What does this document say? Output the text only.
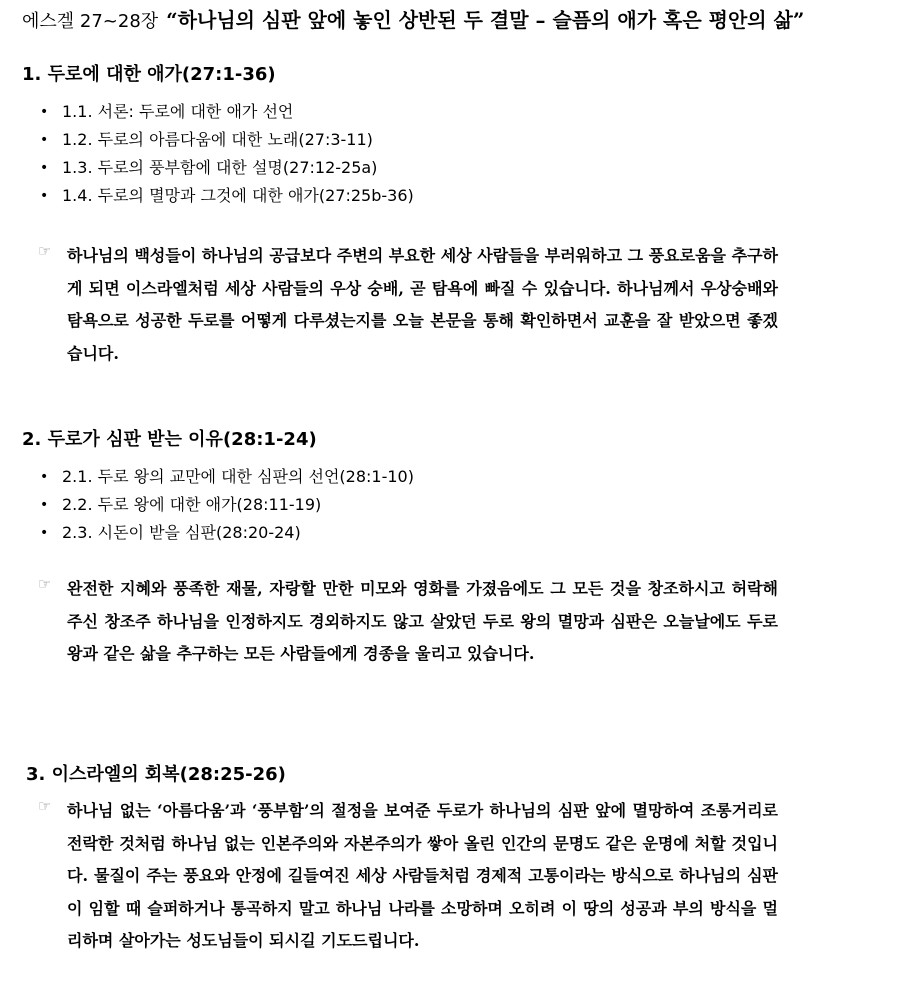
에스겔 27~28장 “하나님의 심판 앞에 놓인 상반된 두 결말 – 슬픔의 애가 혹은 평안의 삶”
1. 두로에 대한 애가(27:1-36)
• 1.1. 서론: 두로에 대한 애가 선언
• 1.2. 두로의 아름다움에 대한 노래(27:3-11)
• 1.3. 두로의 풍부함에 대한 설명(27:12-25a)
• 1.4. 두로의 멸망과 그것에 대한 애가(27:25b-36)
☞ 하나님의 백성들이 하나님의 공급보다 주변의 부요한 세상 사람들을 부러워하고 그 풍요로움을 추구하게 되면 이스라엘처럼 세상 사람들의 우상 숭배, 곧 탐욕에 빠질 수 있습니다. 하나님께서 우상숭배와 탐욕으로 성공한 두로를 어떻게 다루셨는지를 오늘 본문을 통해 확인하면서 교훈을 잘 받았으면 좋겠습니다.

2. 두로가 심판 받는 이유(28:1-24)
• 2.1. 두로 왕의 교만에 대한 심판의 선언(28:1-10)
• 2.2. 두로 왕에 대한 애가(28:11-19)
• 2.3. 시돈이 받을 심판(28:20-24)
☞ 완전한 지혜와 풍족한 재물, 자랑할 만한 미모와 영화를 가졌음에도 그 모든 것을 창조하시고 허락해주신 창조주 하나님을 인정하지도 경외하지도 않고 살았던 두로 왕의 멸망과 심판은 오늘날에도 두로 왕과 같은 삶을 추구하는 모든 사람들에게 경종을 울리고 있습니다.

3. 이스라엘의 회복(28:25-26)
☞ 하나님 없는 ‘아름다움’과 ‘풍부함’의 절정을 보여준 두로가 하나님의 심판 앞에 멸망하여 조롱거리로 전락한 것처럼 하나님 없는 인본주의와 자본주의가 쌓아 올린 인간의 문명도 같은 운명에 처할 것입니다. 물질이 주는 풍요와 안정에 길들여진 세상 사람들처럼 경제적 고통이라는 방식으로 하나님의 심판이 임할 때 슬퍼하거나 통곡하지 말고 하나님 나라를 소망하며 오히려 이 땅의 성공과 부의 방식을 멀리하며 살아가는 성도님들이 되시길 기도드립니다.
